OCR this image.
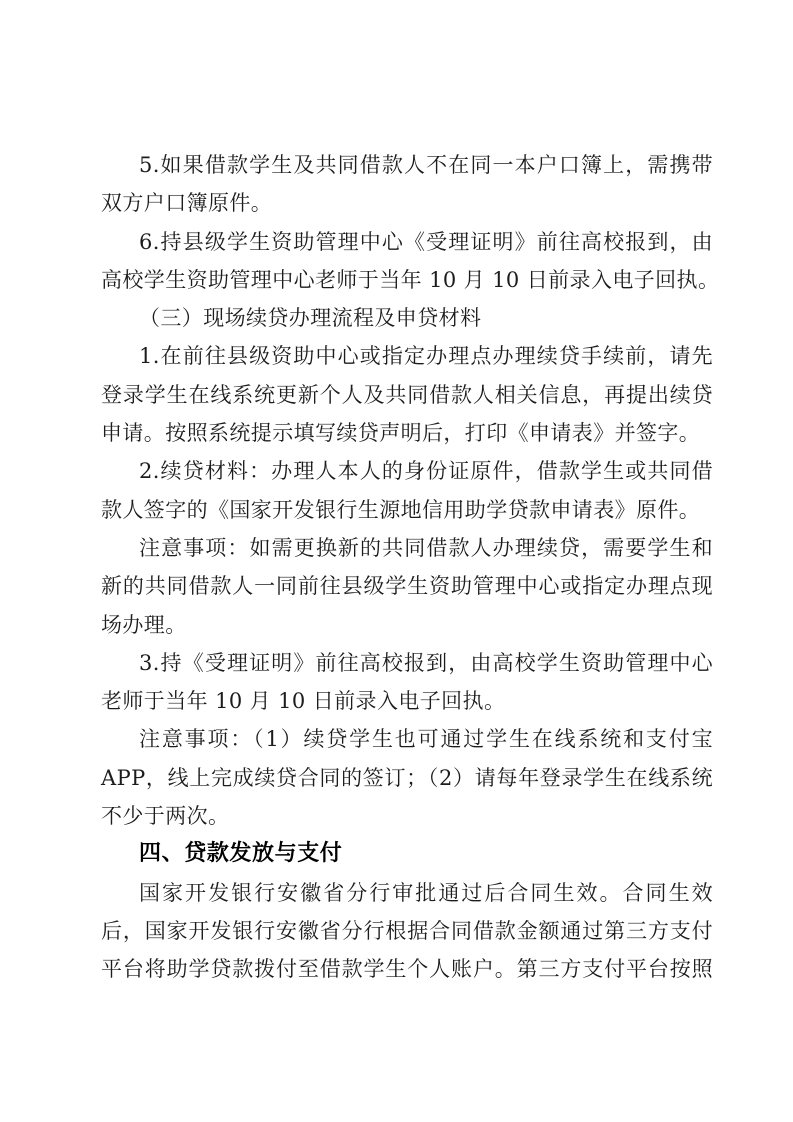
5.如果借款学生及共同借款人不在同一本户口簿上，需携带
双方户口簿原件。
6.持县级学生资助管理中心《受理证明》前往高校报到，由
高校学生资助管理中心老师于当年 10 月 10 日前录入电子回执。
（三）现场续贷办理流程及申贷材料
1.在前往县级资助中心或指定办理点办理续贷手续前，请先
登录学生在线系统更新个人及共同借款人相关信息，再提出续贷
申请。按照系统提示填写续贷声明后，打印《申请表》并签字。
2.续贷材料：办理人本人的身份证原件，借款学生或共同借
款人签字的《国家开发银行生源地信用助学贷款申请表》原件。
注意事项：如需更换新的共同借款人办理续贷，需要学生和
新的共同借款人一同前往县级学生资助管理中心或指定办理点现
场办理。
3.持《受理证明》前往高校报到，由高校学生资助管理中心
老师于当年 10 月 10 日前录入电子回执。
注意事项：（1）续贷学生也可通过学生在线系统和支付宝
APP，线上完成续贷合同的签订；（2）请每年登录学生在线系统
不少于两次。
四、贷款发放与支付
国家开发银行安徽省分行审批通过后合同生效。合同生效
后，国家开发银行安徽省分行根据合同借款金额通过第三方支付
平台将助学贷款拨付至借款学生个人账户。第三方支付平台按照
